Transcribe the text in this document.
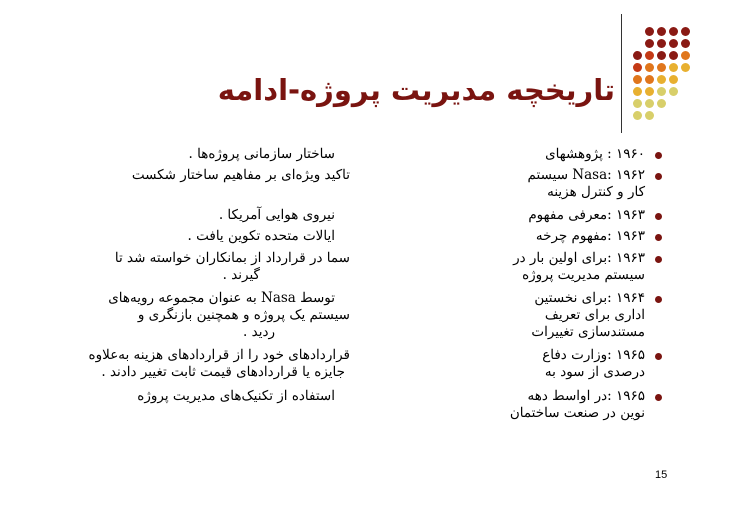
تاریخچه مدیریت پروژه-ادامه
۱۹۶۰ : پژوهشهای
ساختار سازمانی پروژه‌ها .
۱۹۶۲ :Nasa سیستم
کار و کنترل هزینه
تاکید ویژه‌ای بر مفاهیم ساختار شکست
۱۹۶۳ :معرفی مفهوم
نیروی هوایی آمریکا .
۱۹۶۳ :مفهوم چرخه
ایالات متحده تکوین یافت .
۱۹۶۳ :برای اولین بار در
سیستم مدیریت پروژه
سما در قرارداد از بمانکاران خواسته شد تا
گیرند .
۱۹۶۴ :برای نخستین
اداری برای تعریف
مستندسازی تغییرات
توسط Nasa به عنوان مجموعه رویه‌های
سیستم یک پروژه و همچنین بازنگری و
ردید .
۱۹۶۵ :وزارت دفاع
درصدی از سود به
قراردادهای خود را از قراردادهای هزینه به‌علاوه
جایزه یا قراردادهای قیمت ثابت تغییر دادند .
۱۹۶۵ :در اواسط دهه
نوین در صنعت ساختمان
استفاده از تکنیک‌های مدیریت پروژه
15
